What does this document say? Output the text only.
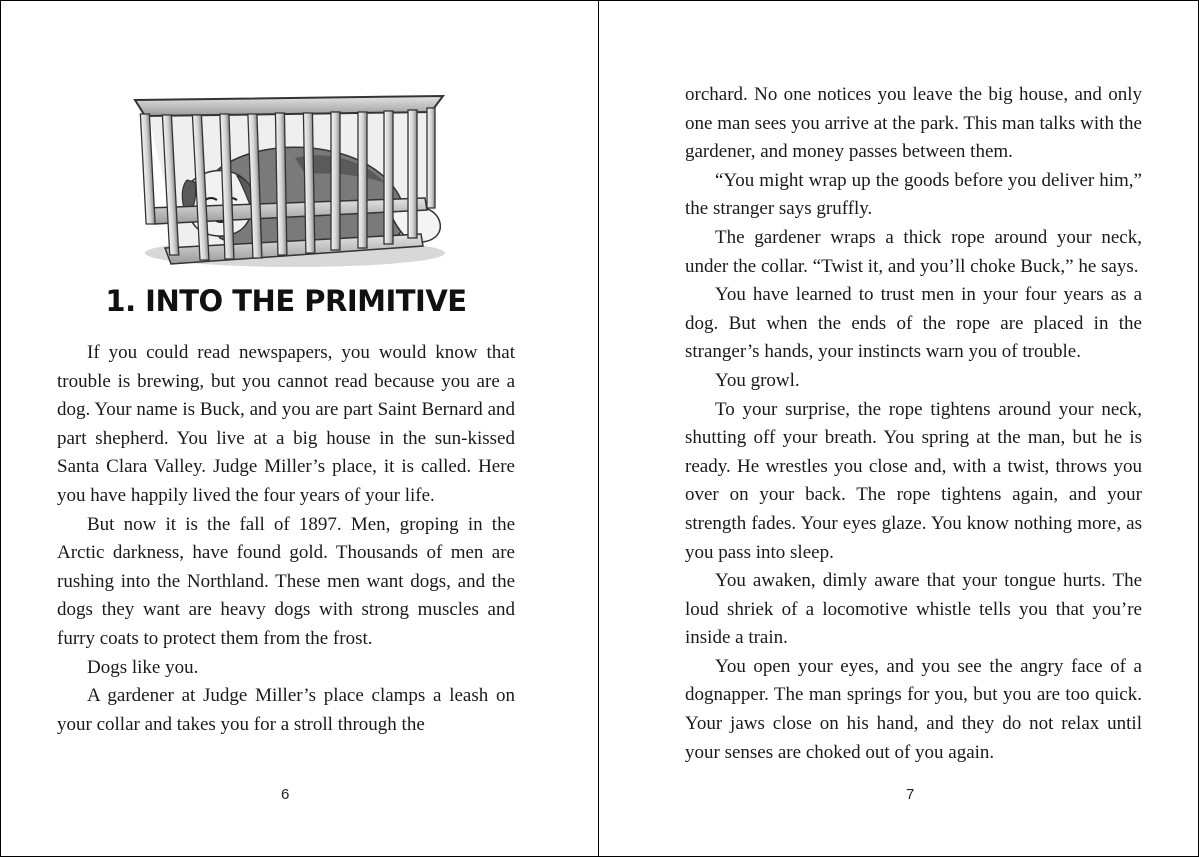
1. INTO THE PRIMITIVE

If you could read newspapers, you would know that trouble is brewing, but you cannot read because you are a dog. Your name is Buck, and you are part Saint Bernard and part shepherd. You live at a big house in the sun-kissed Santa Clara Valley. Judge Miller’s place, it is called. Here you have happily lived the four years of your life.

But now it is the fall of 1897. Men, groping in the Arctic darkness, have found gold. Thousands of men are rushing into the Northland. These men want dogs, and the dogs they want are heavy dogs with strong muscles and furry coats to protect them from the frost.

Dogs like you.

A gardener at Judge Miller’s place clamps a leash on your collar and takes you for a stroll through the

6

orchard. No one notices you leave the big house, and only one man sees you arrive at the park. This man talks with the gardener, and money passes between them.

“You might wrap up the goods before you deliver him,” the stranger says gruffly.

The gardener wraps a thick rope around your neck, under the collar. “Twist it, and you’ll choke Buck,” he says.

You have learned to trust men in your four years as a dog. But when the ends of the rope are placed in the stranger’s hands, your instincts warn you of trouble.

You growl.

To your surprise, the rope tightens around your neck, shutting off your breath. You spring at the man, but he is ready. He wrestles you close and, with a twist, throws you over on your back. The rope tightens again, and your strength fades. Your eyes glaze. You know nothing more, as you pass into sleep.

You awaken, dimly aware that your tongue hurts. The loud shriek of a locomotive whistle tells you that you’re inside a train.

You open your eyes, and you see the angry face of a dognapper. The man springs for you, but you are too quick. Your jaws close on his hand, and they do not relax until your senses are choked out of you again.

7
